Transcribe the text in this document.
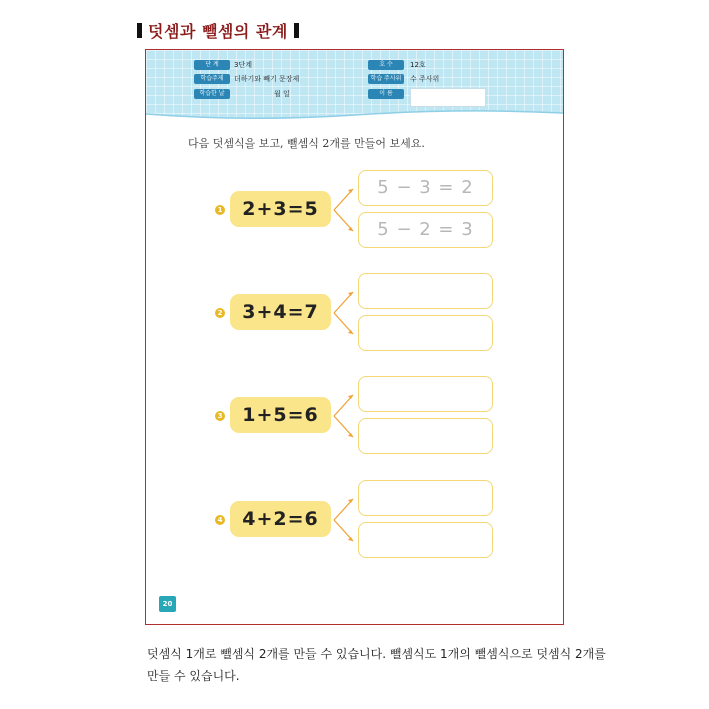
덧셈과 뺄셈의 관계
단 계	3단계
학습주제	더하기와 빼기 문장제
학습한 날	월 일
호 수	12호
학습 주사위	수 주사위
이 름
다음 덧셈식을 보고, 뺄셈식 2개를 만들어 보세요.
1	2+3=5
5 − 3 = 2
5 − 2 = 3
2	3+4=7
3	1+5=6
4	4+2=6
20
덧셈식 1개로 뺄셈식 2개를 만들 수 있습니다. 뺄셈식도 1개의 뺄셈식으로 덧셈식 2개를 만들 수 있습니다.
